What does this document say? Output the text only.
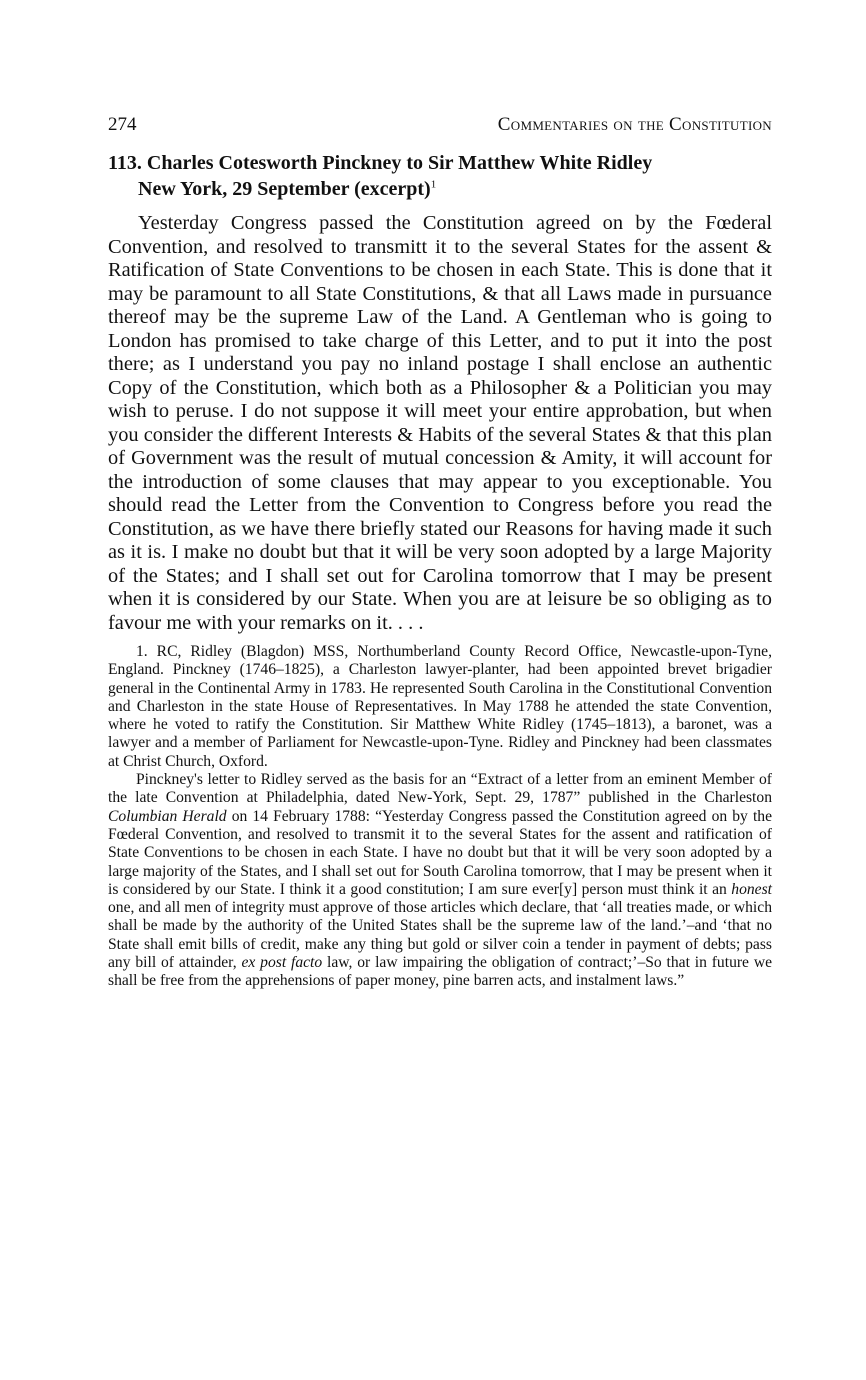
274	Commentaries on the Constitution
113. Charles Cotesworth Pinckney to Sir Matthew White Ridley
New York, 29 September (excerpt)$^1$

Yesterday Congress passed the Constitution agreed on by the Fœderal Convention, and resolved to transmitt it to the several States for the assent & Ratification of State Conventions to be chosen in each State. This is done that it may be paramount to all State Constitutions, & that all Laws made in pursuance thereof may be the supreme Law of the Land. A Gentleman who is going to London has promised to take charge of this Letter, and to put it into the post there; as I understand you pay no inland postage I shall enclose an authentic Copy of the Constitution, which both as a Philosopher & a Politician you may wish to peruse. I do not suppose it will meet your entire approbation, but when you consider the different Interests & Habits of the several States & that this plan of Government was the result of mutual concession & Amity, it will account for the introduction of some clauses that may appear to you exceptionable. You should read the Letter from the Convention to Congress before you read the Constitution, as we have there briefly stated our Reasons for having made it such as it is. I make no doubt but that it will be very soon adopted by a large Majority of the States; and I shall set out for Carolina tomorrow that I may be present when it is considered by our State. When you are at leisure be so obliging as to favour me with your remarks on it. . . .

1. RC, Ridley (Blagdon) MSS, Northumberland County Record Office, Newcastle-upon-Tyne, England. Pinckney (1746–1825), a Charleston lawyer-planter, had been appointed brevet brigadier general in the Continental Army in 1783. He represented South Carolina in the Constitutional Convention and Charleston in the state House of Representatives. In May 1788 he attended the state Convention, where he voted to ratify the Constitution. Sir Matthew White Ridley (1745–1813), a baronet, was a lawyer and a member of Parliament for Newcastle-upon-Tyne. Ridley and Pinckney had been classmates at Christ Church, Oxford.

Pinckney's letter to Ridley served as the basis for an “Extract of a letter from an eminent Member of the late Convention at Philadelphia, dated New-York, Sept. 29, 1787” published in the Charleston Columbian Herald on 14 February 1788: “Yesterday Congress passed the Constitution agreed on by the Fœderal Convention, and resolved to transmit it to the several States for the assent and ratification of State Conventions to be chosen in each State. I have no doubt but that it will be very soon adopted by a large majority of the States, and I shall set out for South Carolina tomorrow, that I may be present when it is considered by our State. I think it a good constitution; I am sure ever[y] person must think it an honest one, and all men of integrity must approve of those articles which declare, that ‘all treaties made, or which shall be made by the authority of the United States shall be the supreme law of the land.’–and ‘that no State shall emit bills of credit, make any thing but gold or silver coin a tender in payment of debts; pass any bill of attainder, ex post facto law, or law impairing the obligation of contract;’–So that in future we shall be free from the apprehensions of paper money, pine barren acts, and instalment laws.”
